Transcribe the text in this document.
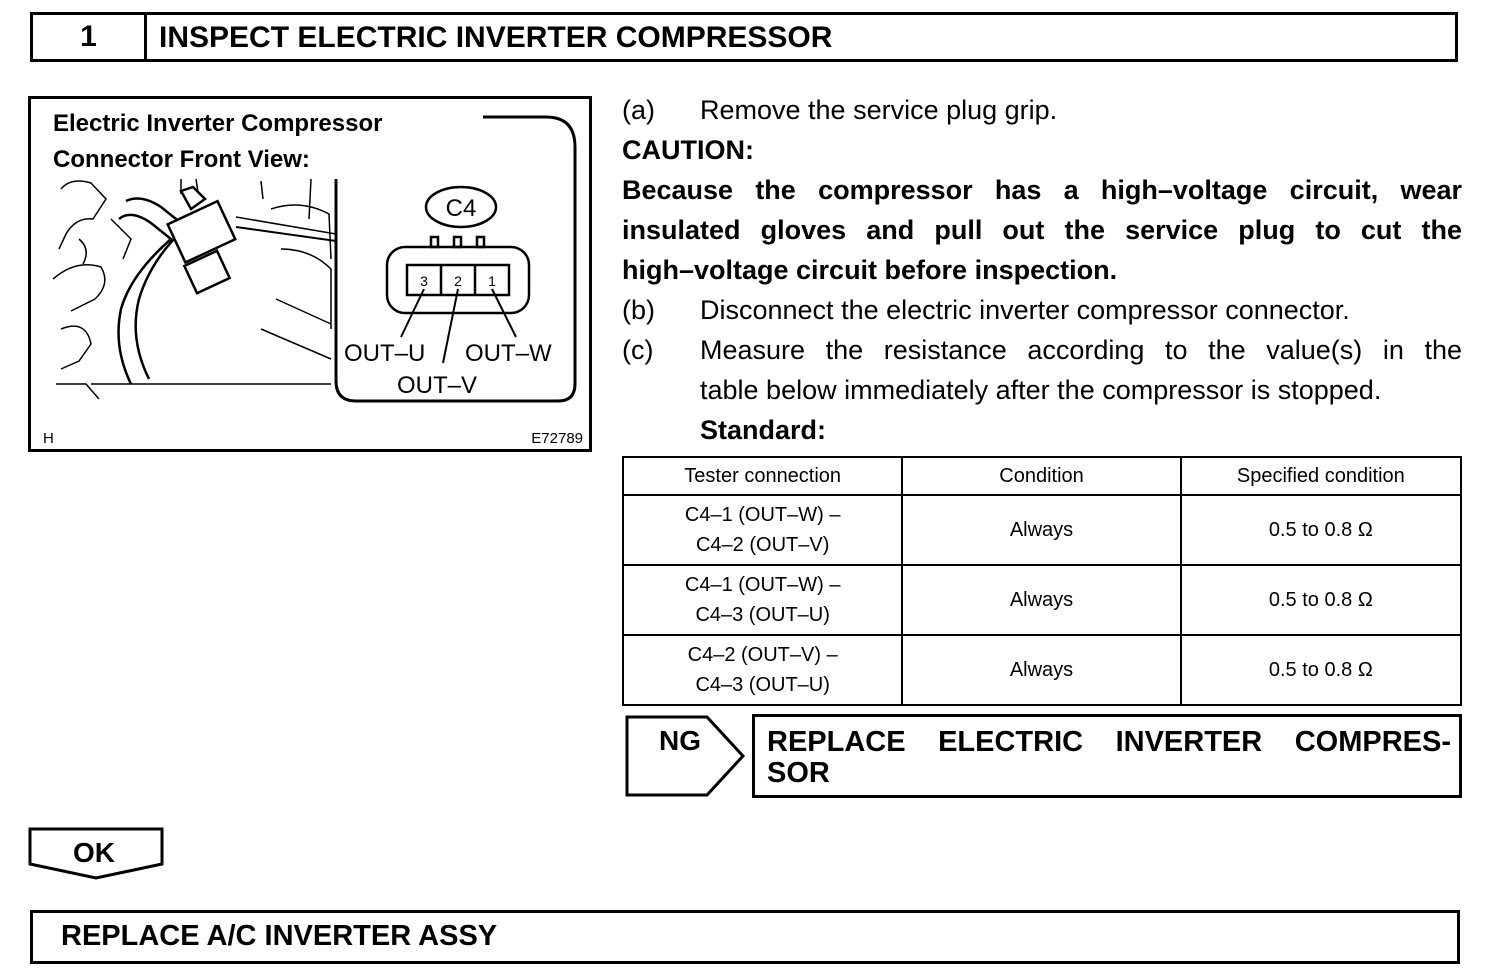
1	INSPECT ELECTRIC INVERTER COMPRESSOR
Electric Inverter Compressor
Connector Front View:
C4
3 2 1
OUT–U OUT–W
OUT–V
H	E72789
(a) Remove the service plug grip.
CAUTION:
Because the compressor has a high–voltage circuit, wear
insulated gloves and pull out the service plug to cut the
high–voltage circuit before inspection.
(b) Disconnect the electric inverter compressor connector.
(c) Measure the resistance according to the value(s) in the
table below immediately after the compressor is stopped.
Standard:
Tester connection	Condition	Specified condition

C4–1 (OUT–W) –
C4–2 (OUT–V)	Always	0.5 to 0.8 Ω

C4–1 (OUT–W) –
C4–3 (OUT–U)	Always	0.5 to 0.8 Ω

C4–2 (OUT–V) –
C4–3 (OUT–U)	Always	0.5 to 0.8 Ω
NG REPLACE ELECTRIC INVERTER COMPRES-
SOR
OK
REPLACE A/C INVERTER ASSY
